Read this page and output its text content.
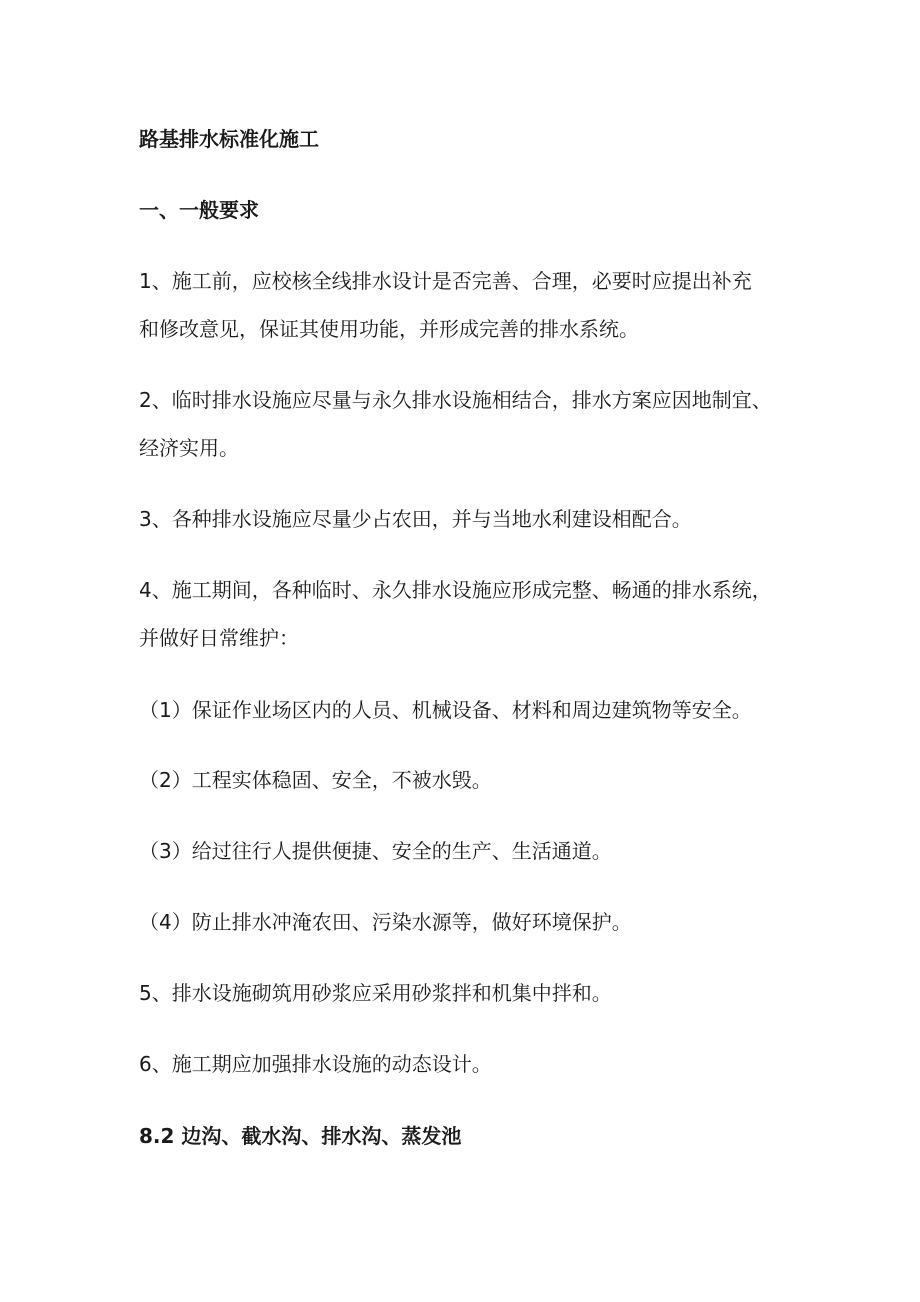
路基排水标准化施工
一、一般要求
1、施工前，应校核全线排水设计是否完善、合理，必要时应提出补充
和修改意见，保证其使用功能，并形成完善的排水系统。
2、临时排水设施应尽量与永久排水设施相结合，排水方案应因地制宜、
经济实用。
3、各种排水设施应尽量少占农田，并与当地水利建设相配合。
4、施工期间，各种临时、永久排水设施应形成完整、畅通的排水系统，
并做好日常维护：
（1）保证作业场区内的人员、机械设备、材料和周边建筑物等安全。
（2）工程实体稳固、安全，不被水毁。
（3）给过往行人提供便捷、安全的生产、生活通道。
（4）防止排水冲淹农田、污染水源等，做好环境保护。
5、排水设施砌筑用砂浆应采用砂浆拌和机集中拌和。
6、施工期应加强排水设施的动态设计。
8.2 边沟、截水沟、排水沟、蒸发池
